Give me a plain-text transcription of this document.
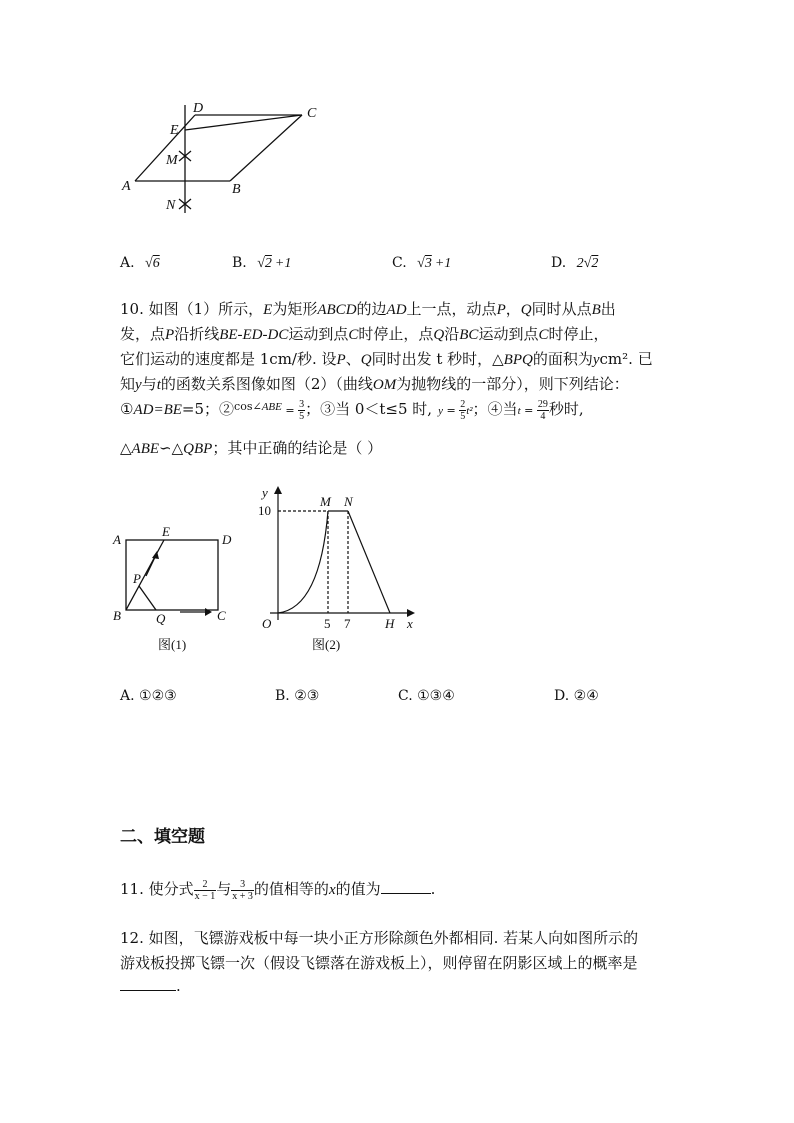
D	C
E
M
A	B
N
A. √6	B. √2 +1	C. √3 +1	D. 2√2
10. 如图（1）所示，E为矩形ABCD的边AD上一点，动点P，Q同时从点B出
发，点P沿折线BE-ED-DC运动到点C时停止，点Q沿BC运动到点C时停止，
它们运动的速度都是 1cm/秒. 设P、Q同时出发 t 秒时，△BPQ的面积为ycm². 已
知y与t的函数关系图像如图（2）（曲线OM为抛物线的一部分），则下列结论：
①AD=BE=5；②$^{cos\angle ABE}$ = $\frac{3}{5}$ ；③当 0＜t≤5 时, $y = \frac{2}{5} t^2$；④当$t = \frac{29}{4}$ 秒时,
△ABE∽△QBP；其中正确的结论是（ ）
A
E
D
P
B	Q	C
图(1)
y
M N
10
O	5 7	H x
图(2)
A. ①②③	B. ②③	C. ①③④	D. ②④
二、填空题
11. 使分式 $\frac{2}{x - 1}$ 与 $\frac{3}{x + 3}$ 的值相等的x的值为	.
12. 如图，飞镖游戏板中每一块小正方形除颜色外都相同. 若某人向如图所示的
游戏板投掷飞镖一次（假设飞镖落在游戏板上），则停留在阴影区域上的概率是
.
